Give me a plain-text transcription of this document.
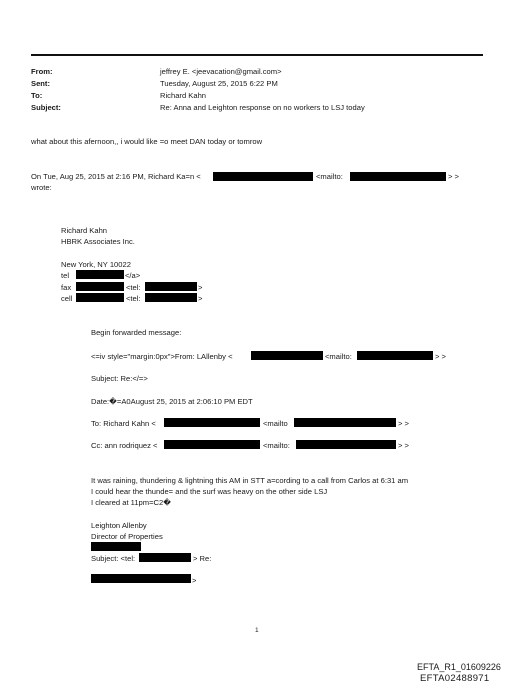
From:	jeffrey E. <jeevacation@gmail.com>
Sent:	Tuesday, August 25, 2015 6:22 PM
To:	Richard Kahn
Subject:	Re: Anna and Leighton response on no workers to LSJ today
what about this afernoon,, i would like =o meet DAN today or tomrow
On Tue, Aug 25, 2015 at 2:16 PM, Richard Ka=n <	<mailto:	> >
wrote:
Richard Kahn
HBRK Associates Inc.
New York, NY 10022
tel	</a>
fax	<tel:	>
cell	<tel:	>
Begin forwarded message:
<=iv style="margin:0px">From: LAllenby <	<mailto:	> >
Subject: Re:</=>
Date:�=A0August 25, 2015 at 2:06:10 PM EDT
To: Richard Kahn <	<mailto	> >
Cc: ann rodriquez <	<mailto:	> >
It was raining, thundering & lightning this AM in STT a=cording to a call from Carlos at 6:31 am
I could hear the thunde= and the surf was heavy on the other side LSJ
I cleared at 11pm=C2�
Leighton Allenby
Director of Properties
Subject: <tel:	> Re:
>
1
EFTA_R1_01609226
EFTA02488971
